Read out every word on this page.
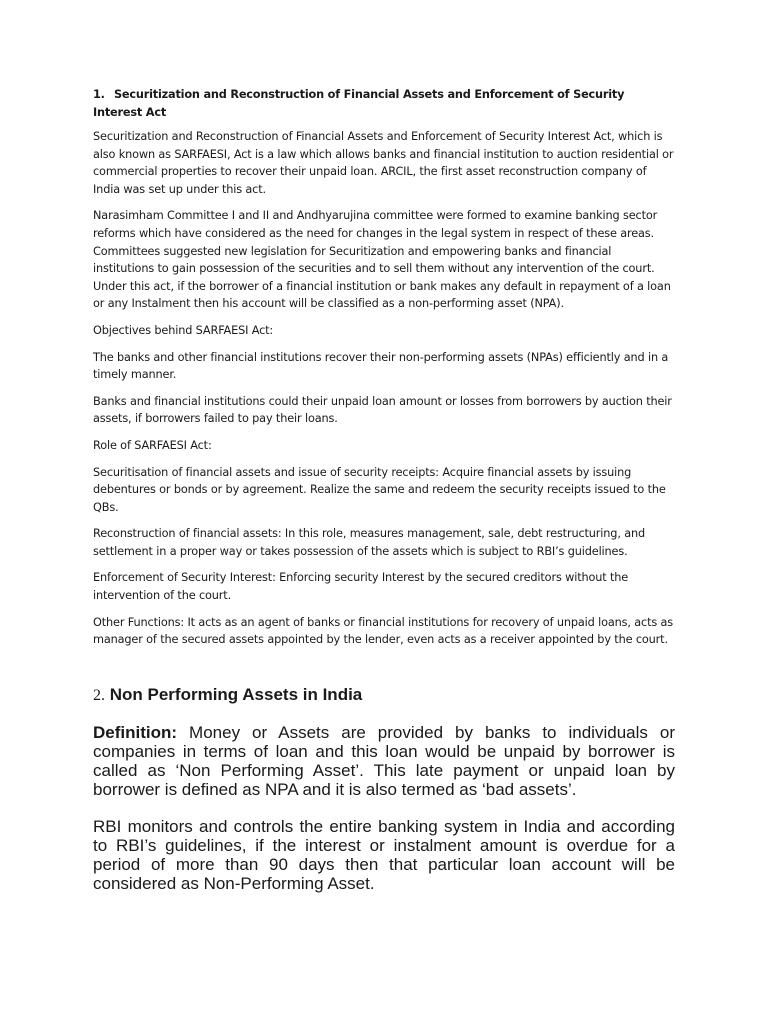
1. Securitization and Reconstruction of Financial Assets and Enforcement of Security Interest Act

Securitization and Reconstruction of Financial Assets and Enforcement of Security Interest Act, which is also known as SARFAESI, Act is a law which allows banks and financial institution to auction residential or commercial properties to recover their unpaid loan. ARCIL, the first asset reconstruction company of India was set up under this act.

Narasimham Committee I and II and Andhyarujina committee were formed to examine banking sector reforms which have considered as the need for changes in the legal system in respect of these areas. Committees suggested new legislation for Securitization and empowering banks and financial institutions to gain possession of the securities and to sell them without any intervention of the court. Under this act, if the borrower of a financial institution or bank makes any default in repayment of a loan or any Instalment then his account will be classified as a non-performing asset (NPA).

Objectives behind SARFAESI Act:

The banks and other financial institutions recover their non-performing assets (NPAs) efficiently and in a timely manner.

Banks and financial institutions could their unpaid loan amount or losses from borrowers by auction their assets, if borrowers failed to pay their loans.

Role of SARFAESI Act:

Securitisation of financial assets and issue of security receipts: Acquire financial assets by issuing debentures or bonds or by agreement. Realize the same and redeem the security receipts issued to the QBs.

Reconstruction of financial assets: In this role, measures management, sale, debt restructuring, and settlement in a proper way or takes possession of the assets which is subject to RBI’s guidelines.

Enforcement of Security Interest: Enforcing security Interest by the secured creditors without the intervention of the court.

Other Functions: It acts as an agent of banks or financial institutions for recovery of unpaid loans, acts as manager of the secured assets appointed by the lender, even acts as a receiver appointed by the court.

2. Non Performing Assets in India

Definition: Money or Assets are provided by banks to individuals or companies in terms of loan and this loan would be unpaid by borrower is called as ‘Non Performing Asset’. This late payment or unpaid loan by borrower is defined as NPA and it is also termed as ‘bad assets’.

RBI monitors and controls the entire banking system in India and according to RBI’s guidelines, if the interest or instalment amount is overdue for a period of more than 90 days then that particular loan account will be considered as Non-Performing Asset.
